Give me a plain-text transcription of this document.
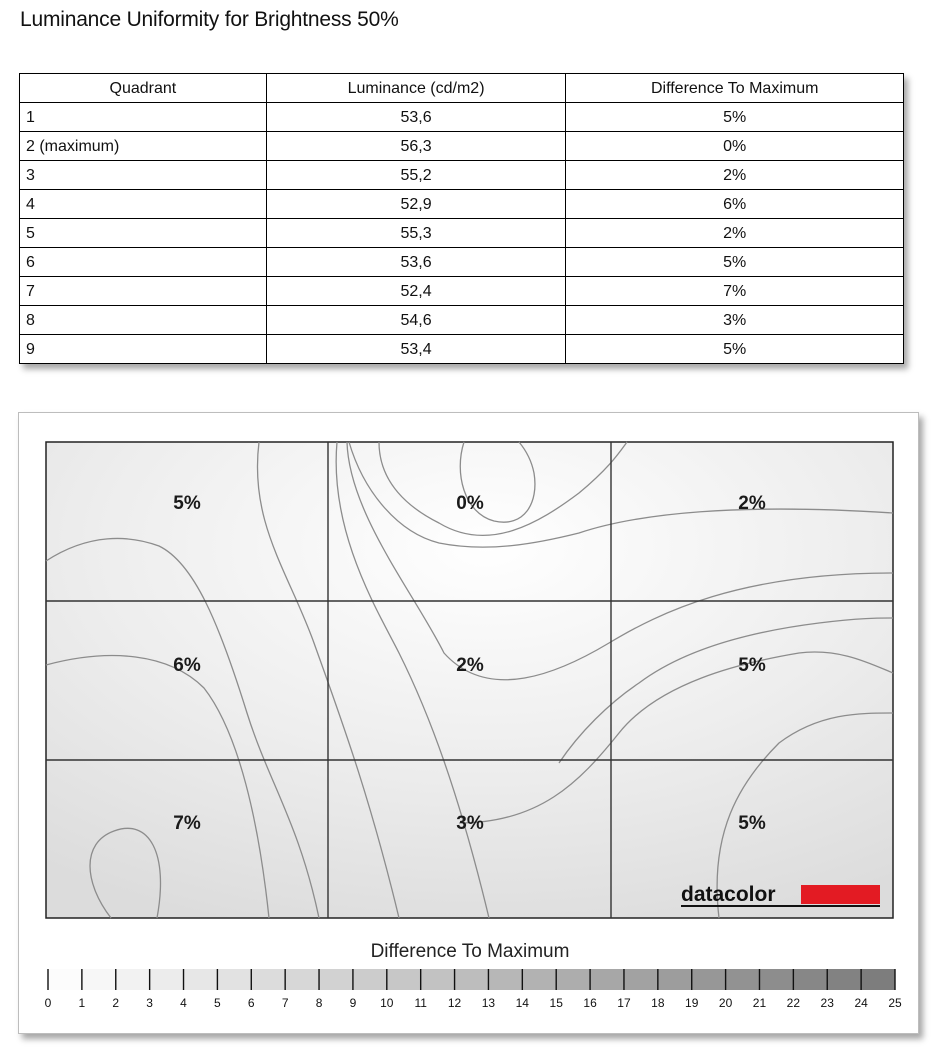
Luminance Uniformity for Brightness 50%
Quadrant	Luminance (cd/m2)	Difference To Maximum
1	53,6	5%
2 (maximum)	56,3	0%
3	55,2	2%
4	52,9	6%
5	55,3	2%
6	53,6	5%
7	52,4	7%
8	54,6	3%
9	53,4	5%
5%	0%	2%
6%	2%	5%
7%	3%	5%
datacolor
Difference To Maximum
0 1 2 3 4 5 6 7 8 9 10 11 12 13 14 15 16 17 18 19 20 21 22 23 24 25
